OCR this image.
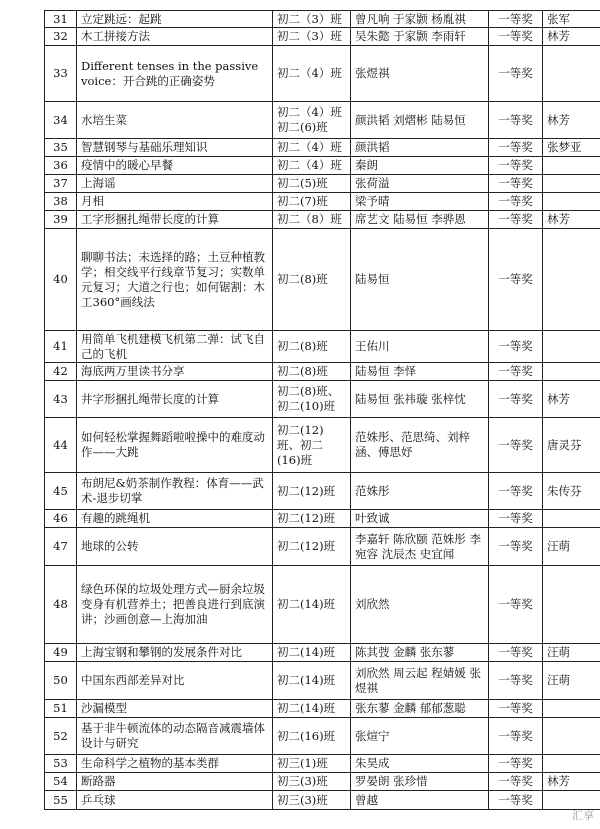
31	立定跳远：起跳	初二（3）班	曾凡响 于家颢 杨胤祺	一等奖	张军
32	木工拼接方法	初二（3）班	吴朱懿 于家颢 李雨轩	一等奖	林芳
33	Different tenses in the passive voice：开合跳的正确姿势	初二（4）班	张煜祺	一等奖	
34	水培生菜	初二（4）班 初二(6)班	颜洪韬 刘熠彬 陆易恒	一等奖	林芳
35	智慧钢琴与基础乐理知识	初二（4）班	颜洪韬	一等奖	张梦亚
36	疫情中的暖心早餐	初二（4）班	秦朗	一等奖	
37	上海谣	初二(5)班	张荷溢	一等奖	
38	月相	初二(7)班	梁予晴	一等奖	
39	工字形捆扎绳带长度的计算	初二（8）班	席艺文 陆易恒 李骅恩	一等奖	林芳
40	聊聊书法；未选择的路；土豆种植教学；相交线平行线章节复习；实数单元复习；大道之行也；如何锯割：木工360°画线法	初二(8)班	陆易恒	一等奖	
41	用简单飞机建模飞机第二弹：试飞自己的飞机	初二(8)班	王佑川	一等奖	
42	海底两万里读书分享	初二(8)班	陆易恒 李怿	一等奖	
43	井字形捆扎绳带长度的计算	初二(8)班、初二(10)班	陆易恒 张祎璇 张梓忱	一等奖	林芳
44	如何轻松掌握舞蹈啦啦操中的难度动作——大跳	初二(12)班、初二(16)班	范姝彤、范思绮、刘梓涵、傅思妤	一等奖	唐灵芬
45	布朗尼&奶茶制作教程：体育——武术-退步切掌	初二(12)班	范姝彤	一等奖	朱传芬
46	有趣的跳绳机	初二(12)班	叶致诚	一等奖	
47	地球的公转	初二(12)班	李嘉轩 陈欣颐 范姝彤 李宛容 沈辰杰 史宜闻	一等奖	汪萌
48	绿色环保的垃圾处理方式—厨余垃圾变身有机营养土；把善良进行到底演讲；沙画创意—上海加油	初二(14)班	刘欣然	一等奖	
49	上海宝钢和攀钢的发展条件对比	初二(14)班	陈其弢 金麟 张东蓼	一等奖	汪萌
50	中国东西部差异对比	初二(14)班	刘欣然 周云起 程婧媛 张煜祺	一等奖	汪萌
51	沙漏模型	初二(14)班	张东蓼 金麟 郁郁葱聪	一等奖	
52	基于非牛顿流体的动态隔音减震墙体设计与研究	初二(16)班	张煊宁	一等奖	
53	生命科学之植物的基本类群	初三(1)班	朱昊成	一等奖	
54	断路器	初三(3)班	罗晏朗 张珍惜	一等奖	林芳
55	乒乓球	初三(3)班	曾越	一等奖	
汇享
